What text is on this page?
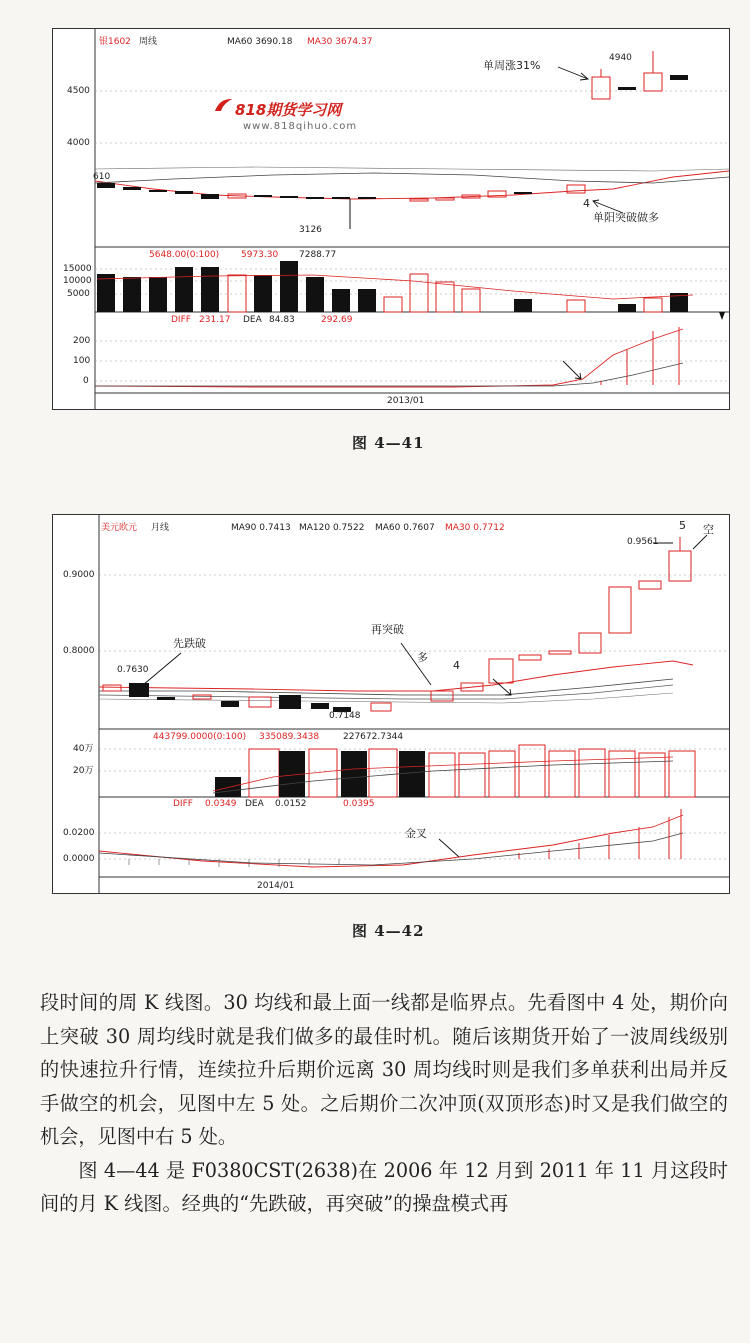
银1602 周线	MA60 3690.18 MA30 3674.37
4500
4000
15000
10000
5000
200
100
0
610
3126
4940
5648.00(0:100) 5973.30 7288.77
DIFF 231.17 DEA 84.83	292.69
单周涨31%
4
单阳突破做多
2013/01
818期货学习网
www.818qihuo.com
图 4—41
美元欧元 月线	MA90 0.7413 MA120 0.7522 MA60 0.7607 MA30 0.7712
0.9000
0.8000
40万
20万
0.0200
0.0000
0.7630
0.7148
0.9561
443799.0000(0:100) 335089.3438	227672.7344
DIFF 0.0349 DEA 0.0152	0.0395
先跌破
再突破
多
4
5 空
金叉
2014/01
图 4—42

段时间的周 K 线图。30 均线和最上面一线都是临界点。先看图中 4 处，期价向上突破 30 周均线时就是我们做多的最佳时机。随后该期货开始了一波周线级别的快速拉升行情，连续拉升后期价远离 30 周均线时则是我们多单获利出局并反手做空的机会，见图中左 5 处。之后期价二次冲顶(双顶形态)时又是我们做空的机会，见图中右 5 处。

图 4—44 是 F0380CST(2638)在 2006 年 12 月到 2011 年 11 月这段时间的月 K 线图。经典的“先跌破，再突破”的操盘模式再
